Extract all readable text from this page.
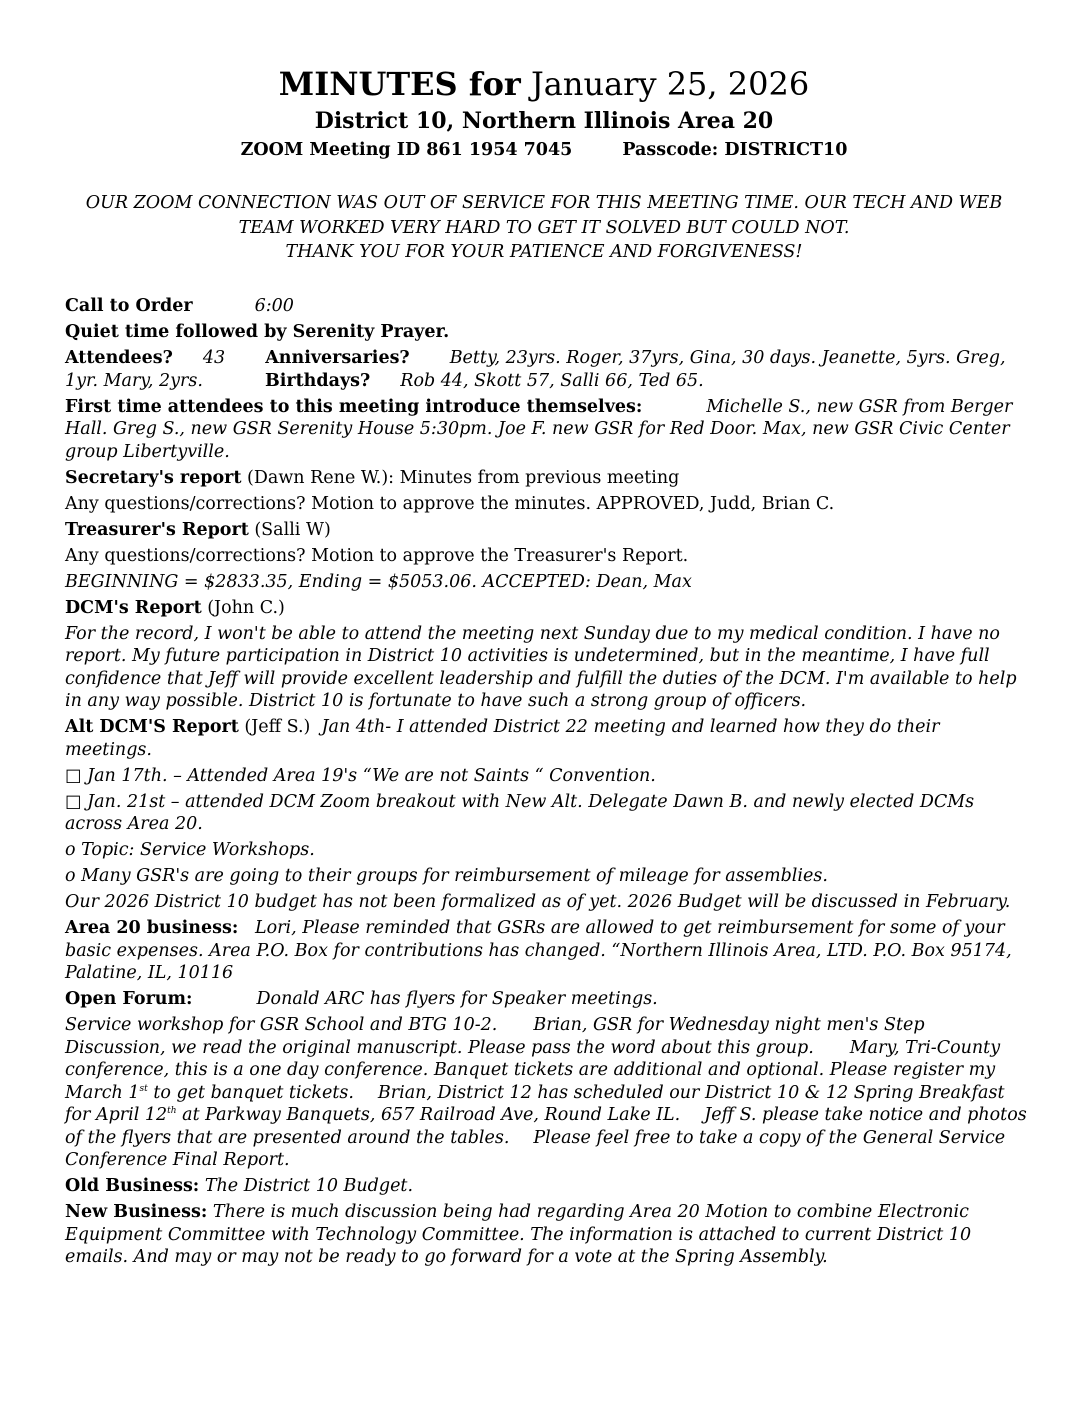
MINUTES for January 25, 2026
District 10, Northern Illinois Area 20
ZOOM Meeting ID 861 1954 7045	Passcode: DISTRICT10
OUR ZOOM CONNECTION WAS OUT OF SERVICE FOR THIS MEETING TIME. OUR TECH AND WEB
TEAM WORKED VERY HARD TO GET IT SOLVED BUT COULD NOT.
THANK YOU FOR YOUR PATIENCE AND FORGIVENESS!
Call to Order	6:00
Quiet time followed by Serenity Prayer.
Attendees? 43 Anniversaries? Betty, 23yrs. Roger, 37yrs, Gina, 30 days. Jeanette, 5yrs. Greg, 1yr. Mary, 2yrs.	Birthdays? Rob 44, Skott 57, Salli 66, Ted 65.
First time attendees to this meeting introduce themselves:	Michelle S., new GSR from Berger Hall. Greg S., new GSR Serenity House 5:30pm. Joe F. new GSR for Red Door. Max, new GSR Civic Center group Libertyville.
Secretary's report (Dawn Rene W.): Minutes from previous meeting
Any questions/corrections? Motion to approve the minutes. APPROVED, Judd, Brian C.
Treasurer's Report (Salli W)
Any questions/corrections? Motion to approve the Treasurer's Report.
BEGINNING = $2833.35, Ending = $5053.06. ACCEPTED: Dean, Max
DCM's Report (John C.)
For the record, I won't be able to attend the meeting next Sunday due to my medical condition. I have no report. My future participation in District 10 activities is undetermined, but in the meantime, I have full confidence that Jeff will provide excellent leadership and fulfill the duties of the DCM. I'm available to help in any way possible. District 10 is fortunate to have such a strong group of officers.
Alt DCM'S Report (Jeff S.) Jan 4th- I attended District 22 meeting and learned how they do their meetings.
□ Jan 17th. – Attended Area 19's “We are not Saints “ Convention.
□ Jan. 21st – attended DCM Zoom breakout with New Alt. Delegate Dawn B. and newly elected DCMs across Area 20.
o Topic: Service Workshops.
o Many GSR's are going to their groups for reimbursement of mileage for assemblies.
Our 2026 District 10 budget has not been formalized as of yet. 2026 Budget will be discussed in February.
Area 20 business: Lori, Please reminded that GSRs are allowed to get reimbursement for some of your basic expenses. Area P.O. Box for contributions has changed. “Northern Illinois Area, LTD. P.O. Box 95174, Palatine, IL, 10116
Open Forum:	Donald ARC has flyers for Speaker meetings.
Service workshop for GSR School and BTG 10-2. Brian, GSR for Wednesday night men's Step Discussion, we read the original manuscript. Please pass the word about this group. Mary, Tri-County conference, this is a one day conference. Banquet tickets are additional and optional. Please register my March 1st to get banquet tickets. Brian, District 12 has scheduled our District 10 & 12 Spring Breakfast for April 12th at Parkway Banquets, 657 Railroad Ave, Round Lake IL. Jeff S. please take notice and photos of the flyers that are presented around the tables. Please feel free to take a copy of the General Service Conference Final Report.
Old Business: The District 10 Budget.
New Business: There is much discussion being had regarding Area 20 Motion to combine Electronic Equipment Committee with Technology Committee. The information is attached to current District 10 emails. And may or may not be ready to go forward for a vote at the Spring Assembly.
